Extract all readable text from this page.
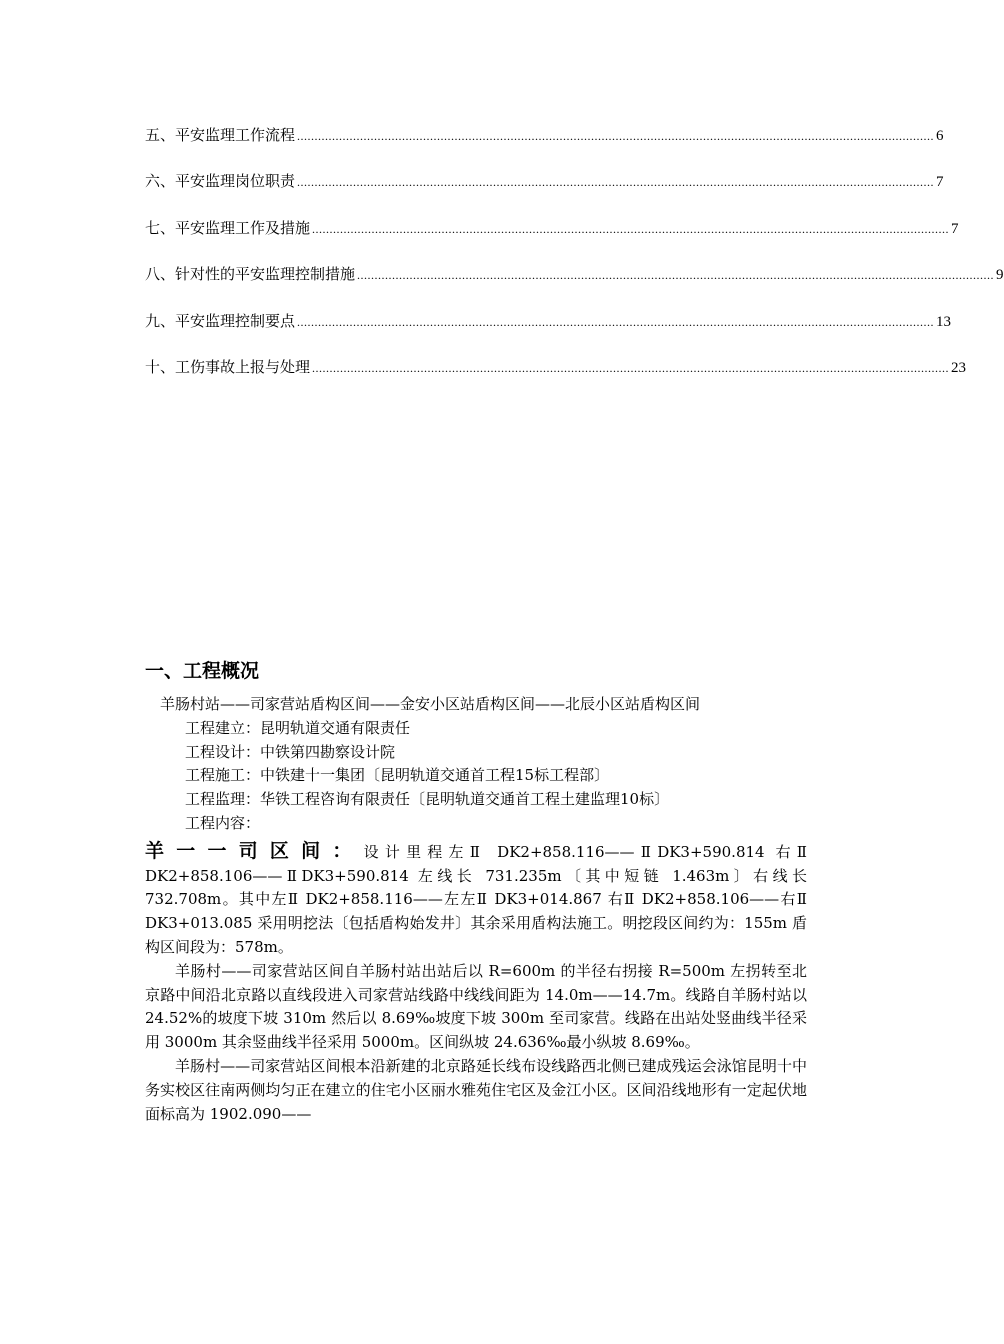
五、平安监理工作流程 ...................................................................................................................................................................................... 6
六、平安监理岗位职责 ...................................................................................................................................................................................... 7
七、平安监理工作及措施 ...................................................................................................................................................................................... 7
八、针对性的平安监理控制措施 ...................................................................................................................................................................................... 9
九、平安监理控制要点 ...................................................................................................................................................................................... 13
十、工伤事故上报与处理 ...................................................................................................................................................................................... 23
一、工程概况

羊肠村站——司家营站盾构区间——金安小区站盾构区间——北辰小区站盾构区间

工程建立：昆明轨道交通有限责任

工程设计：中铁第四勘察设计院

工程施工：中铁建十一集团〔昆明轨道交通首工程15标工程部〕

工程监理：华铁工程咨询有限责任〔昆明轨道交通首工程土建监理10标〕

工程内容：

羊一一司区间：设计里程左Ⅱ DK2+858.116——ⅡDK3+590.814 右Ⅱ DK2+858.106——ⅡDK3+590.814 左线长 731.235m〔其中短链 1.463m〕右线长 732.708m。其中左Ⅱ DK2+858.116——左左Ⅱ DK3+014.867 右Ⅱ DK2+858.106——右Ⅱ DK3+013.085 采用明挖法〔包括盾构始发井〕其余采用盾构法施工。明挖段区间约为：155m 盾构区间段为：578m。

羊肠村——司家营站区间自羊肠村站出站后以 R=600m 的半径右拐接 R=500m 左拐转至北京路中间沿北京路以直线段进入司家营站线路中线线间距为 14.0m——14.7m。线路自羊肠村站以 24.52%的坡度下坡 310m 然后以 8.69‰坡度下坡 300m 至司家营。线路在出站处竖曲线半径采用 3000m 其余竖曲线半径采用 5000m。区间纵坡 24.636‰最小纵坡 8.69‰。

羊肠村——司家营站区间根本沿新建的北京路延长线布设线路西北侧已建成残运会泳馆昆明十中务实校区往南两侧均匀正在建立的住宅小区丽水雅苑住宅区及金江小区。区间沿线地形有一定起伏地面标高为 1902.090——
